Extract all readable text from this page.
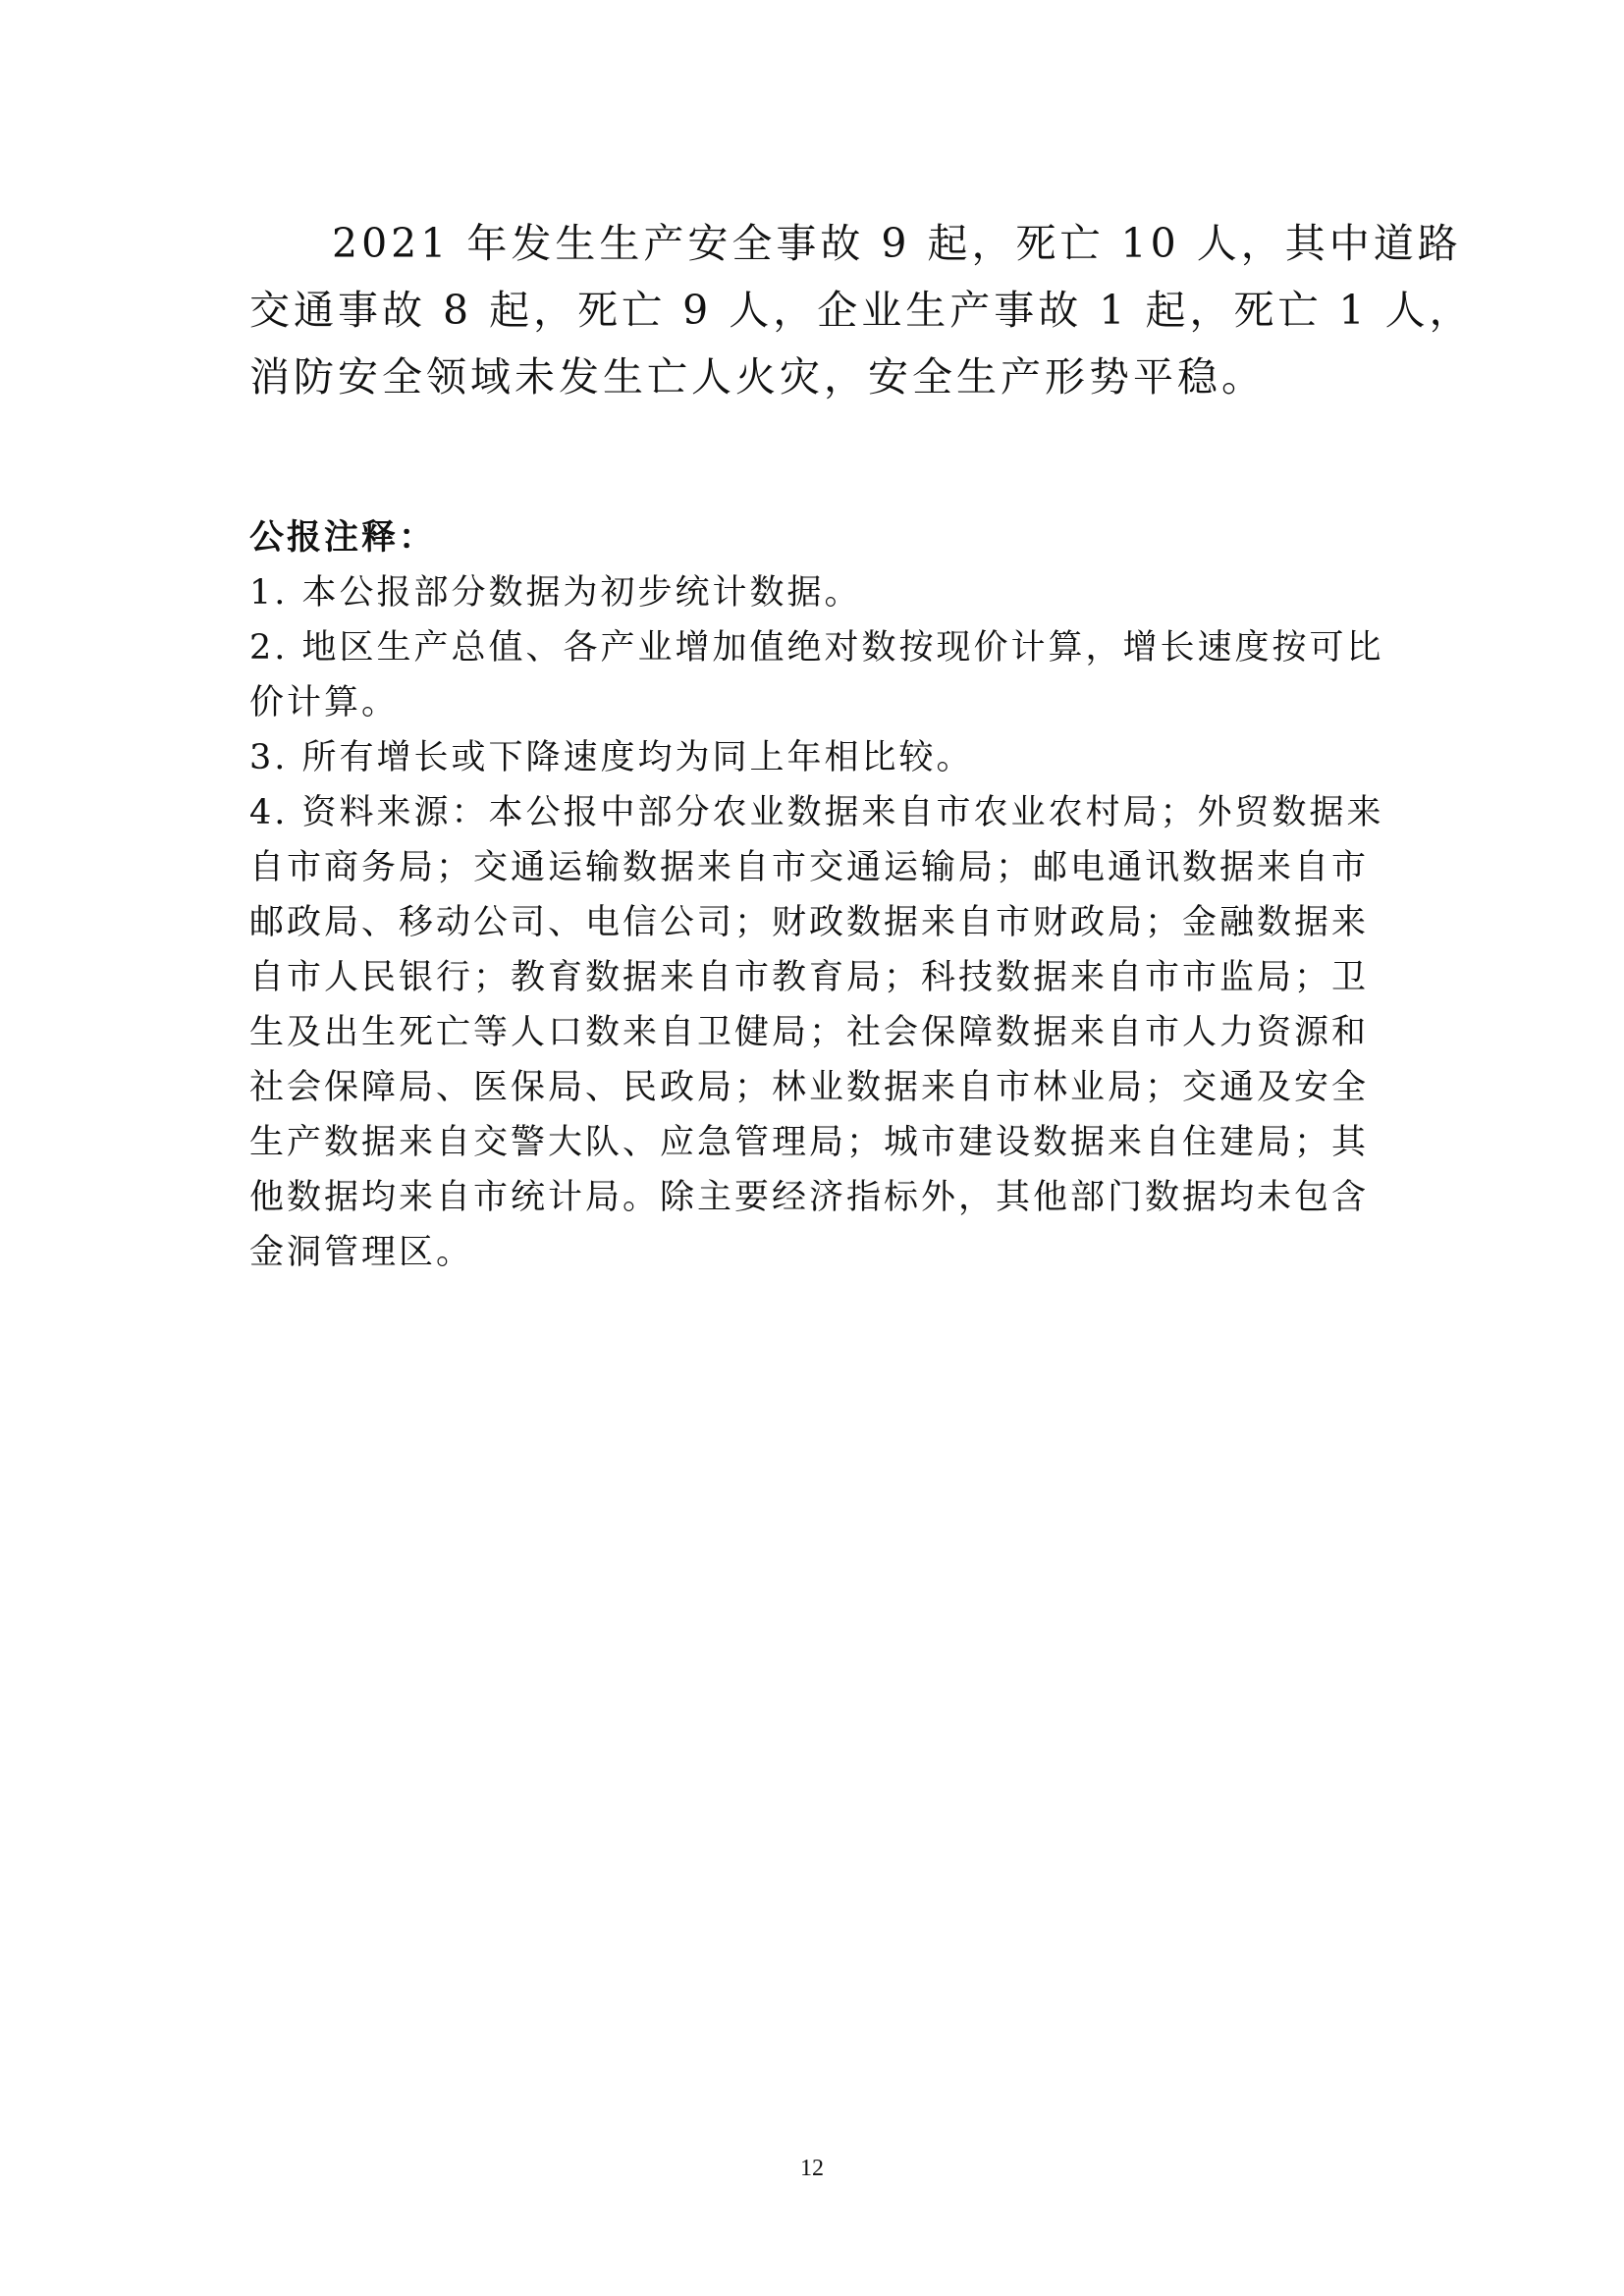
2021 年发生生产安全事故 9 起，死亡 10 人，其中道路
交通事故 8 起，死亡 9 人，企业生产事故 1 起，死亡 1 人，
消防安全领域未发生亡人火灾，安全生产形势平稳。

公报注释：
1. 本公报部分数据为初步统计数据。
2. 地区生产总值、各产业增加值绝对数按现价计算，增长速度按可比
价计算。
3. 所有增长或下降速度均为同上年相比较。
4. 资料来源：本公报中部分农业数据来自市农业农村局；外贸数据来
自市商务局；交通运输数据来自市交通运输局；邮电通讯数据来自市
邮政局、移动公司、电信公司；财政数据来自市财政局；金融数据来
自市人民银行；教育数据来自市教育局；科技数据来自市市监局；卫
生及出生死亡等人口数来自卫健局；社会保障数据来自市人力资源和
社会保障局、医保局、民政局；林业数据来自市林业局；交通及安全
生产数据来自交警大队、应急管理局；城市建设数据来自住建局；其
他数据均来自市统计局。除主要经济指标外，其他部门数据均未包含
金洞管理区。
12
